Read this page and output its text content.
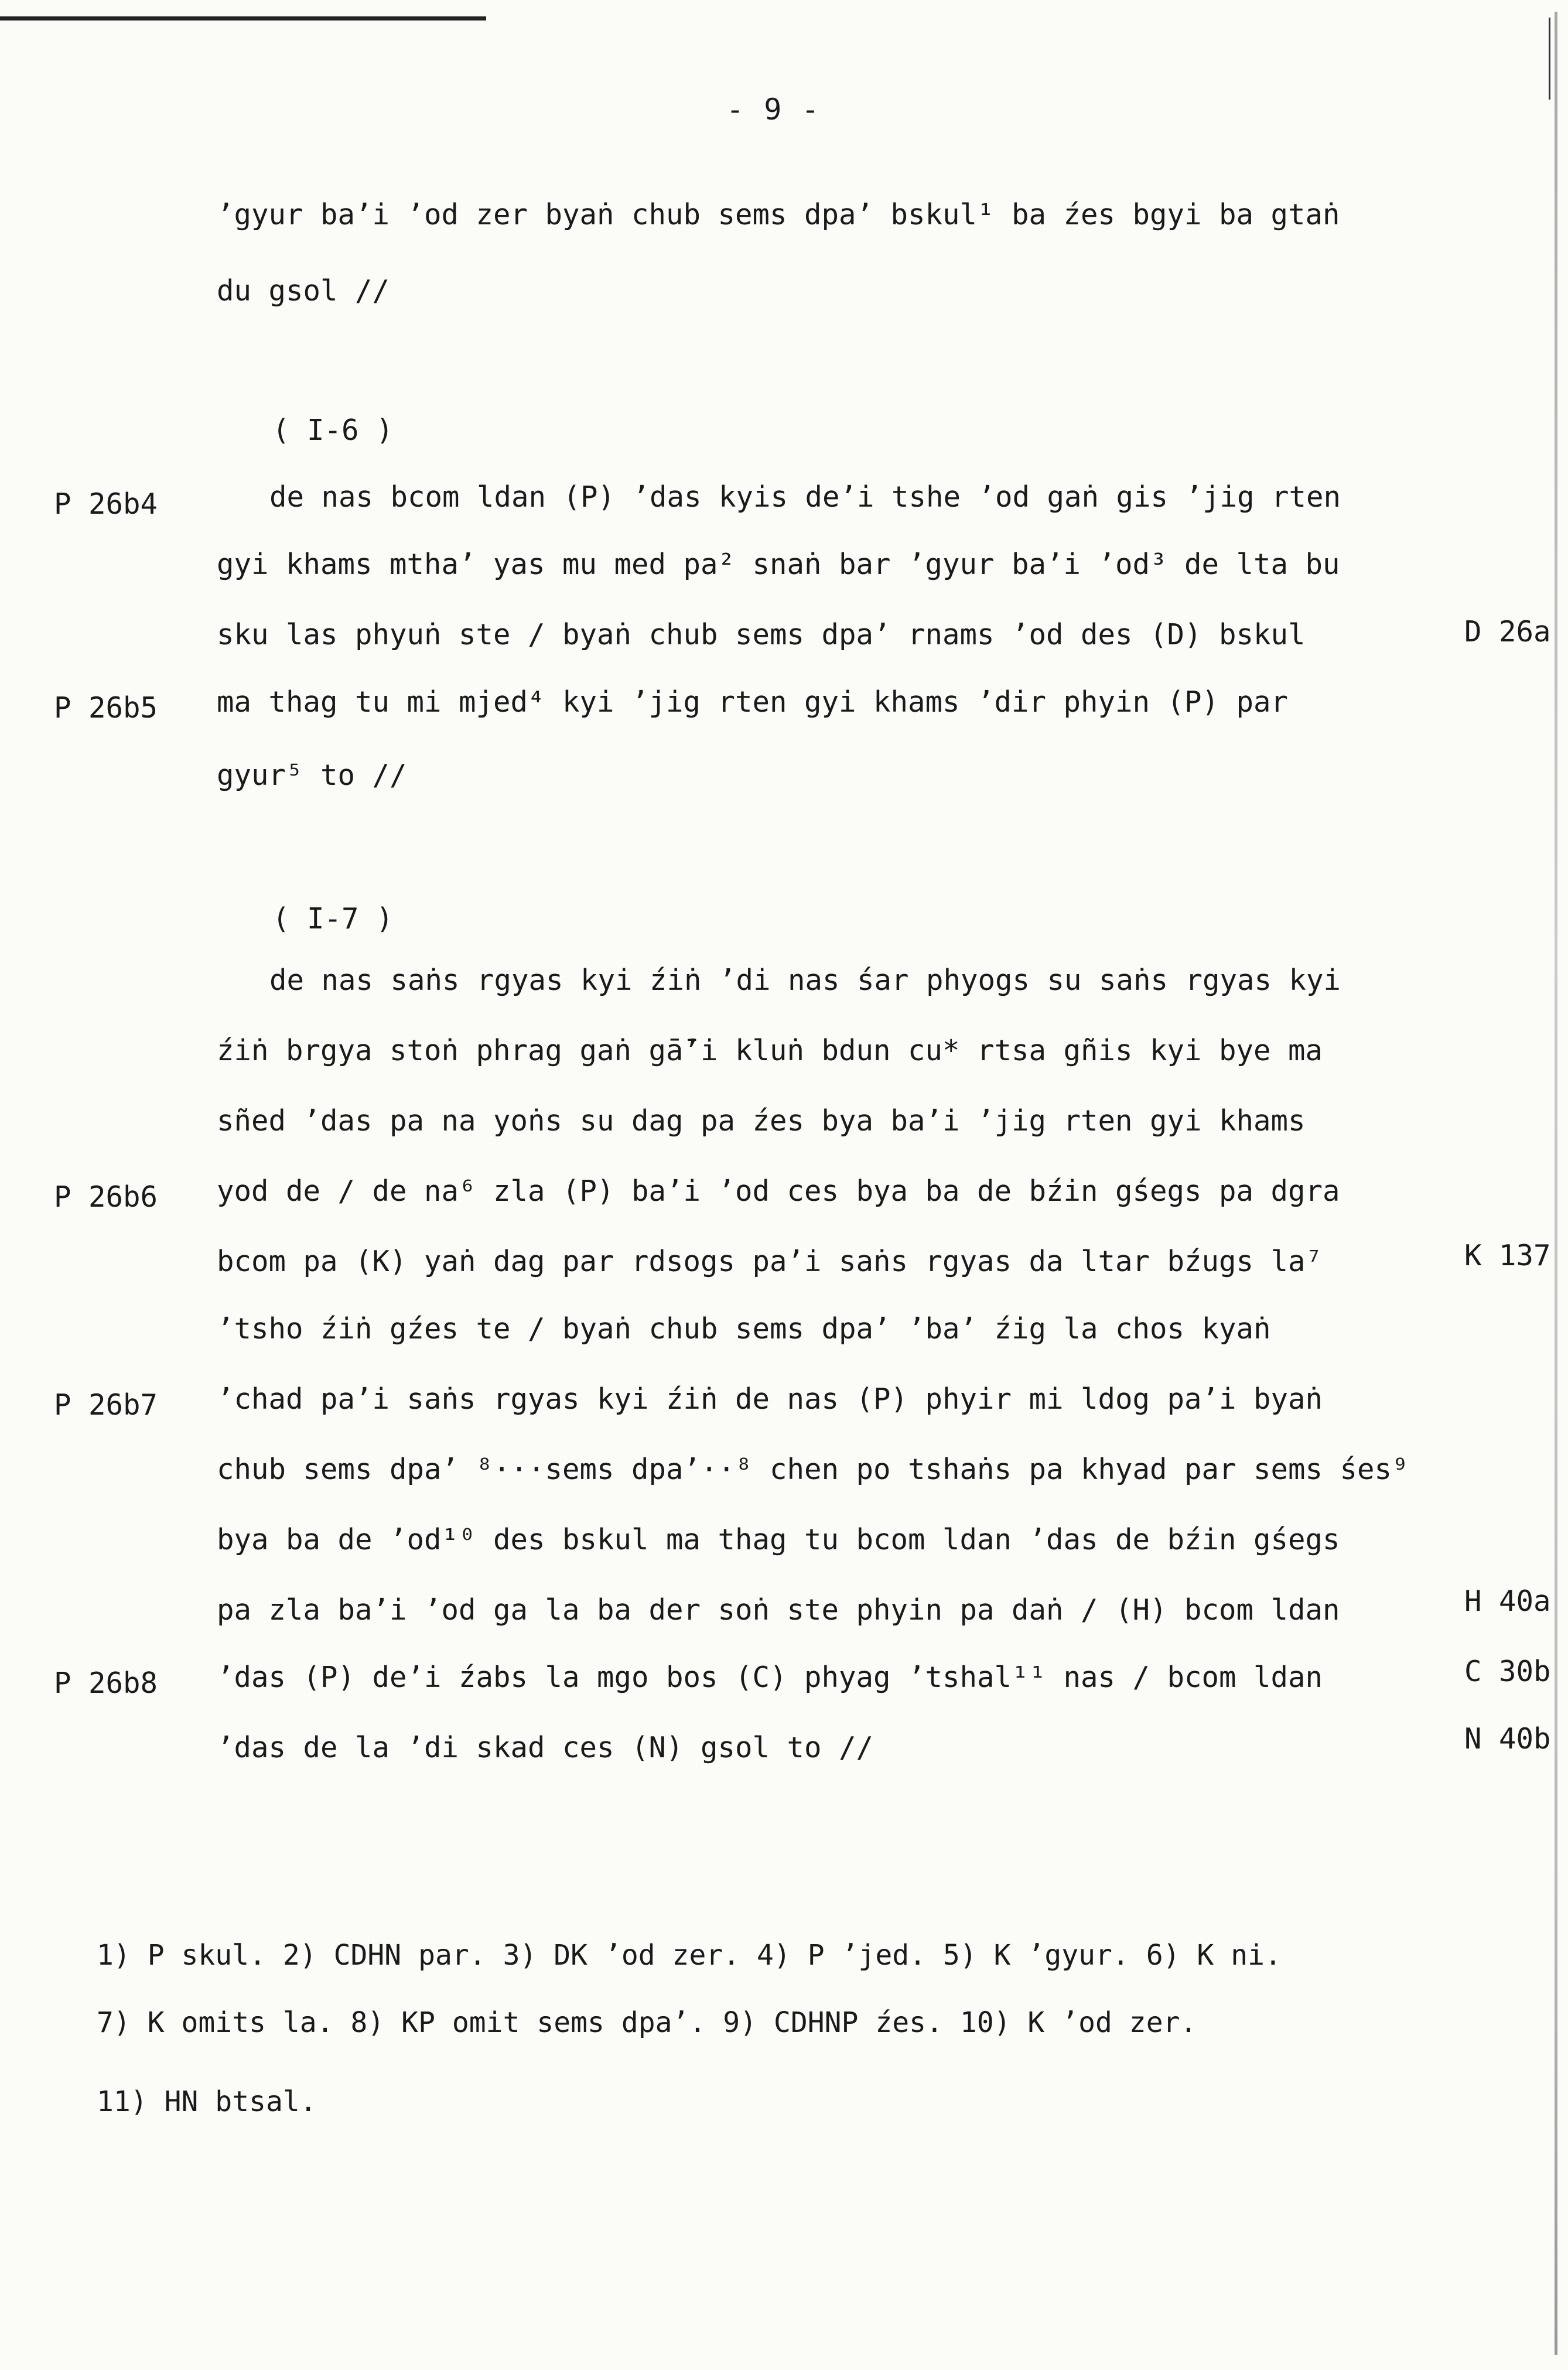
- 9 -
ʼgyur baʼi ʼod zer byaṅ chub sems dpaʼ bskul¹ ba źes bgyi ba gtaṅ
du gsol //
( I-6 )
de nas bcom ldan (P) ʼdas kyis deʼi tshe ʼod gaṅ gis ʼjig rten
gyi khams mthaʼ yas mu med pa² snaṅ bar ʼgyur baʼi ʼod³ de lta bu
sku las phyuṅ ste / byaṅ chub sems dpaʼ rnams ʼod des (D) bskul
ma thag tu mi mjed⁴ kyi ʼjig rten gyi khams ʼdir phyin (P) par
gyur⁵ to //
( I-7 )
de nas saṅs rgyas kyi źiṅ ʼdi nas śar phyogs su saṅs rgyas kyi
źiṅ brgya stoṅ phrag gaṅ gā̄ʼi kluṅ bdun cu* rtsa gñis kyi bye ma
sñed ʼdas pa na yoṅs su dag pa źes bya baʼi ʼjig rten gyi khams
yod de / de na⁶ zla (P) baʼi ʼod ces bya ba de bźin gśegs pa dgra
bcom pa (K) yaṅ dag par rdsogs paʼi saṅs rgyas da ltar bźugs la⁷
ʼtsho źiṅ gźes te / byaṅ chub sems dpaʼ ʼbaʼ źig la chos kyaṅ
ʼchad paʼi saṅs rgyas kyi źiṅ de nas (P) phyir mi ldog paʼi byaṅ
chub sems dpaʼ ⁸···sems dpaʼ··⁸ chen po tshaṅs pa khyad par sems śes⁹
bya ba de ʼod¹⁰ des bskul ma thag tu bcom ldan ʼdas de bźin gśegs
pa zla baʼi ʼod ga la ba der soṅ ste phyin pa daṅ / (H) bcom ldan
ʼdas (P) deʼi źabs la mgo bos (C) phyag ʼtshal¹¹ nas / bcom ldan
ʼdas de la ʼdi skad ces (N) gsol to //
P 26b4
P 26b5
P 26b6
P 26b7
P 26b8
D 26a
K 137
H 40a
C 30b
N 40b
1) P skul. 2) CDHN par. 3) DK ʼod zer. 4) P ʼjed. 5) K ʼgyur. 6) K ni.
7) K omits la. 8) KP omit sems dpaʼ. 9) CDHNP źes. 10) K ʼod zer.
11) HN btsal.
